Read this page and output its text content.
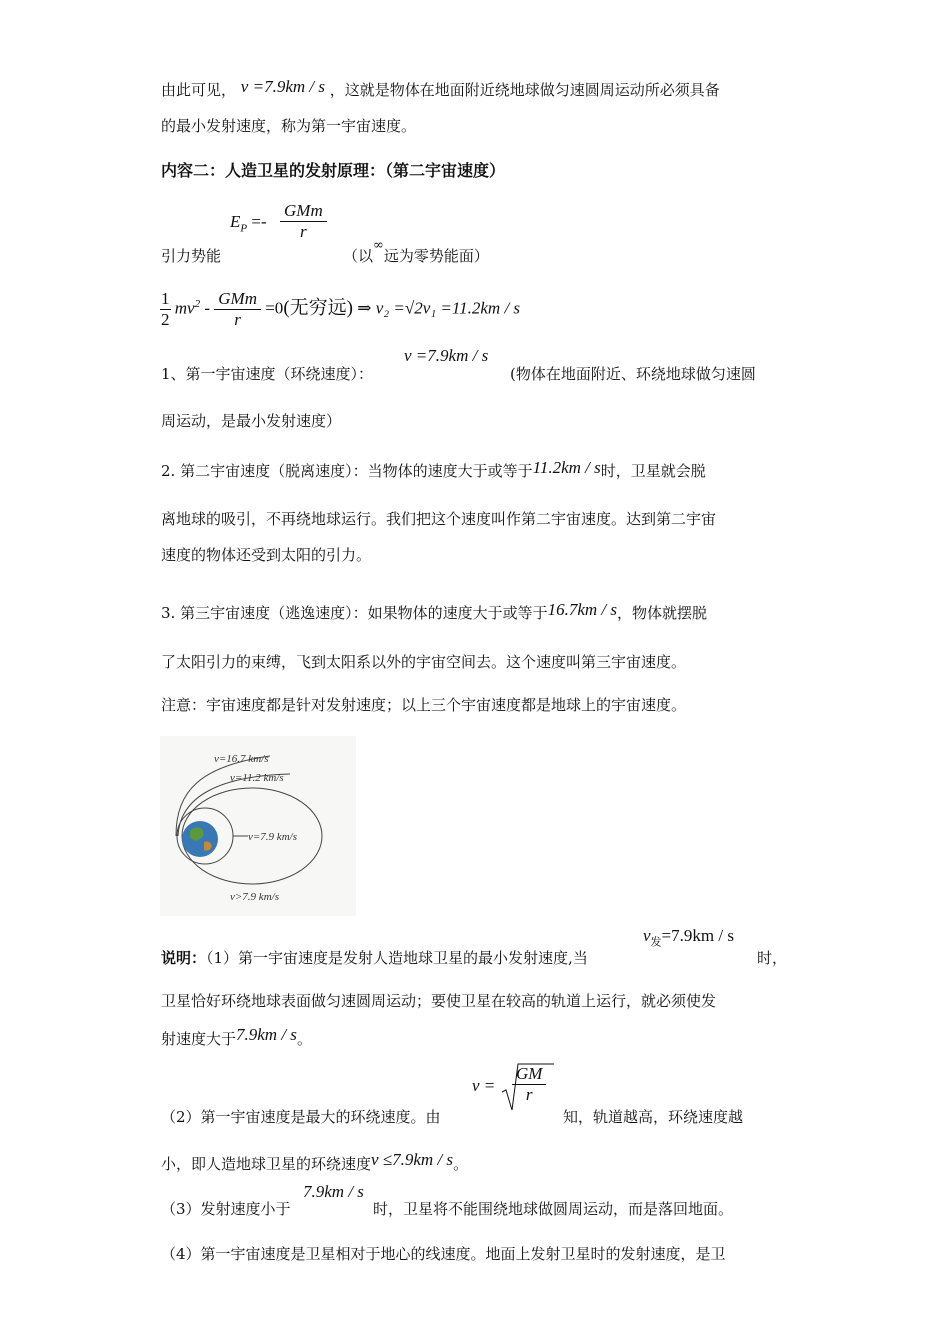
由此可见， v =7.9km / s ，这就是物体在地面附近绕地球做匀速圆周运动所必须具备
的最小发射速度，称为第一宇宙速度。
内容二：人造卫星的发射原理：（第二宇宙速度）
$E_P$ =-
GMm
r
引力势能	（以∞远为零势能面）
$\frac{1}{2} mv^2 - \frac{\text{GMm}}{r} =0$(无穷远) ⇒ v₂ =√2v₁ =11.2km / s
v =7.9km / s
1、第一宇宙速度（环绕速度）：	(物体在地面附近、环绕地球做匀速圆
周运动，是最小发射速度）
2. 第二宇宙速度（脱离速度）：当物体的速度大于或等于11.2km / s时，卫星就会脱
离地球的吸引，不再绕地球运行。我们把这个速度叫作第二宇宙速度。达到第二宇宙
速度的物体还受到太阳的引力。
3. 第三宇宙速度（逃逸速度）：如果物体的速度大于或等于16.7km / s，物体就摆脱
了太阳引力的束缚，飞到太阳系以外的宇宙空间去。这个速度叫第三宇宙速度。
注意：宇宙速度都是针对发射速度；以上三个宇宙速度都是地球上的宇宙速度。
v=16.7 km/s
v=11.2 km/s
v=7.9 km/s
v>7.9 km/s
$v_发=7.9km / s$
说明：（1）第一宇宙速度是发射人造地球卫星的最小发射速度,当	时，
卫星恰好环绕地球表面做匀速圆周运动；要使卫星在较高的轨道上运行，就必须使发
射速度大于7.9km / s。
$v = \frac{GM}{r}$
（2）第一宇宙速度是最大的环绕速度。由	知，轨道越高，环绕速度越
小，即人造地球卫星的环绕速度v ≤7.9km / s。
7.9km / s
（3）发射速度小于	时，卫星将不能围绕地球做圆周运动，而是落回地面。
（4）第一宇宙速度是卫星相对于地心的线速度。地面上发射卫星时的发射速度，是卫
